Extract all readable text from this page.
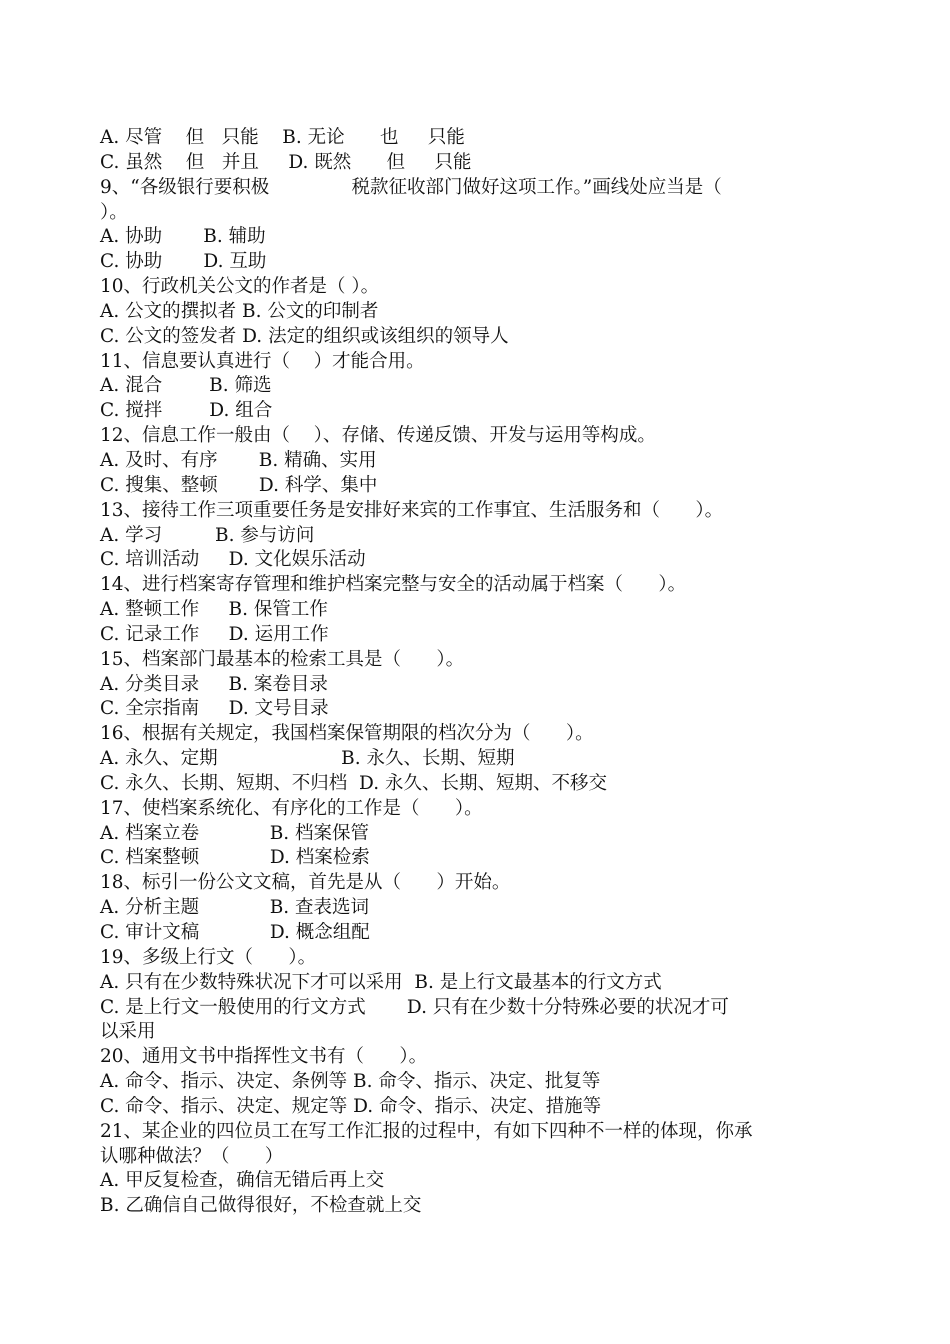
A. 尽管    但   只能    B. 无论      也     只能
C. 虽然    但   并且     D. 既然      但     只能
9、“各级银行要积极              税款征收部门做好这项工作。”画线处应当是（
）。
A. 协助       B. 辅助
C. 协助       D. 互助
10、行政机关公文的作者是（ ）。
A. 公文的撰拟者 B. 公文的印制者
C. 公文的签发者 D. 法定的组织或该组织的领导人
11、信息要认真进行（    ）才能合用。
A. 混合        B. 筛选
C. 搅拌        D. 组合
12、信息工作一般由（    ）、存储、传递反馈、开发与运用等构成。
A. 及时、有序       B. 精确、实用
C. 搜集、整顿       D. 科学、集中
13、接待工作三项重要任务是安排好来宾的工作事宜、生活服务和（      ）。
A. 学习         B. 参与访问
C. 培训活动     D. 文化娱乐活动
14、进行档案寄存管理和维护档案完整与安全的活动属于档案（      ）。
A. 整顿工作     B. 保管工作
C. 记录工作     D. 运用工作
15、档案部门最基本的检索工具是（      ）。
A. 分类目录     B. 案卷目录
C. 全宗指南     D. 文号目录
16、根据有关规定，我国档案保管期限的档次分为（      ）。
A. 永久、定期                     B. 永久、长期、短期
C. 永久、长期、短期、不归档  D. 永久、长期、短期、不移交
17、使档案系统化、有序化的工作是（      ）。
A. 档案立卷            B. 档案保管
C. 档案整顿            D. 档案检索
18、标引一份公文文稿，首先是从（      ）开始。
A. 分析主题            B. 查表选词
C. 审计文稿            D. 概念组配
19、多级上行文（      ）。
A. 只有在少数特殊状况下才可以采用  B. 是上行文最基本的行文方式
C. 是上行文一般使用的行文方式       D. 只有在少数十分特殊必要的状况才可
以采用
20、通用文书中指挥性文书有（      ）。
A. 命令、指示、决定、条例等 B. 命令、指示、决定、批复等
C. 命令、指示、决定、规定等 D. 命令、指示、决定、措施等
21、某企业的四位员工在写工作汇报的过程中，有如下四种不一样的体现，你承
认哪种做法？（      ）
A. 甲反复检查，确信无错后再上交
B. 乙确信自己做得很好，不检查就上交
